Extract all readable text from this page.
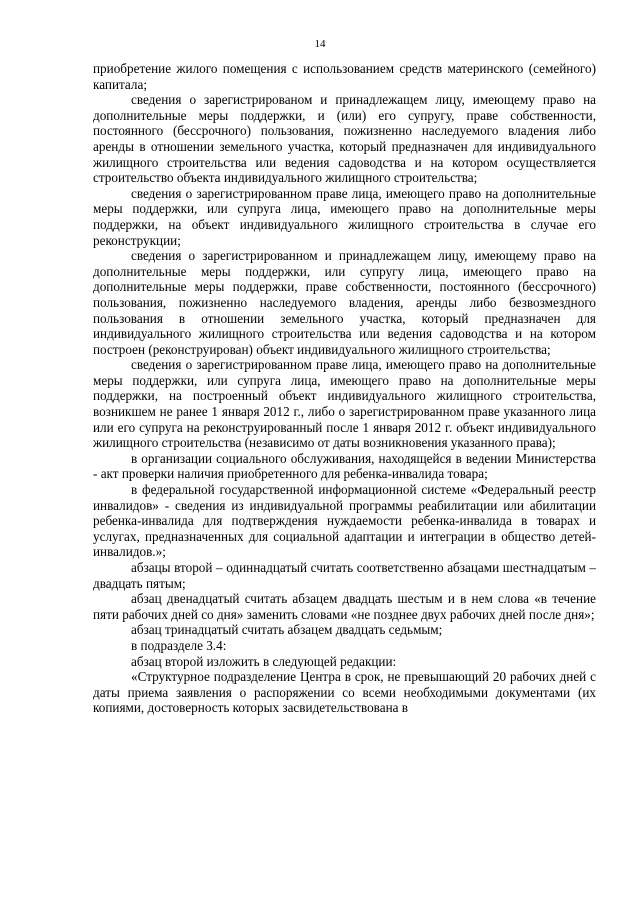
14

приобретение жилого помещения с использованием средств материнского (семейного) капитала;

сведения о зарегистрированом и принадлежащем лицу, имеющему право на дополнительные меры поддержки, и (или) его супругу, праве собственности, постоянного (бессрочного) пользования, пожизненно наследуемого владения либо аренды в отношении земельного участка, который предназначен для индивидуального жилищного строительства или ведения садоводства и на котором осуществляется строительство объекта индивидуального жилищного строительства;

сведения о зарегистрированном праве лица, имеющего право на дополнительные меры поддержки, или супруга лица, имеющего право на дополнительные меры поддержки, на объект индивидуального жилищного строительства в случае его реконструкции;

сведения о зарегистрированном и принадлежащем лицу, имеющему право на дополнительные меры поддержки, или супругу лица, имеющего право на дополнительные меры поддержки, праве собственности, постоянного (бессрочного) пользования, пожизненно наследуемого владения, аренды либо безвозмездного пользования в отношении земельного участка, который предназначен для индивидуального жилищного строительства или ведения садоводства и на котором построен (реконструирован) объект индивидуального жилищного строительства;

сведения о зарегистрированном праве лица, имеющего право на дополнительные меры поддержки, или супруга лица, имеющего право на дополнительные меры поддержки, на построенный объект индивидуального жилищного строительства, возникшем не ранее 1 января 2012 г., либо о зарегистрированном праве указанного лица или его супруга на реконструированный после 1 января 2012 г. объект индивидуального жилищного строительства (независимо от даты возникновения указанного права);

в организации социального обслуживания, находящейся в ведении Министерства - акт проверки наличия приобретенного для ребенка-инвалида товара;

в федеральной государственной информационной системе «Федеральный реестр инвалидов» - сведения из индивидуальной программы реабилитации или абилитации ребенка-инвалида для подтверждения нуждаемости ребенка-инвалида в товарах и услугах, предназначенных для социальной адаптации и интеграции в общество детей-инвалидов.»;

абзацы второй – одиннадцатый считать соответственно абзацами шестнадцатым – двадцать пятым;

абзац двенадцатый считать абзацем двадцать шестым и в нем слова «в течение пяти рабочих дней со дня» заменить словами «не позднее двух рабочих дней после дня»;

абзац тринадцатый считать абзацем двадцать седьмым;

в подразделе 3.4:

абзац второй изложить в следующей редакции:

«Структурное подразделение Центра в срок, не превышающий 20 рабочих дней с даты приема заявления о распоряжении со всеми необходимыми документами (их копиями, достоверность которых засвидетельствована в
